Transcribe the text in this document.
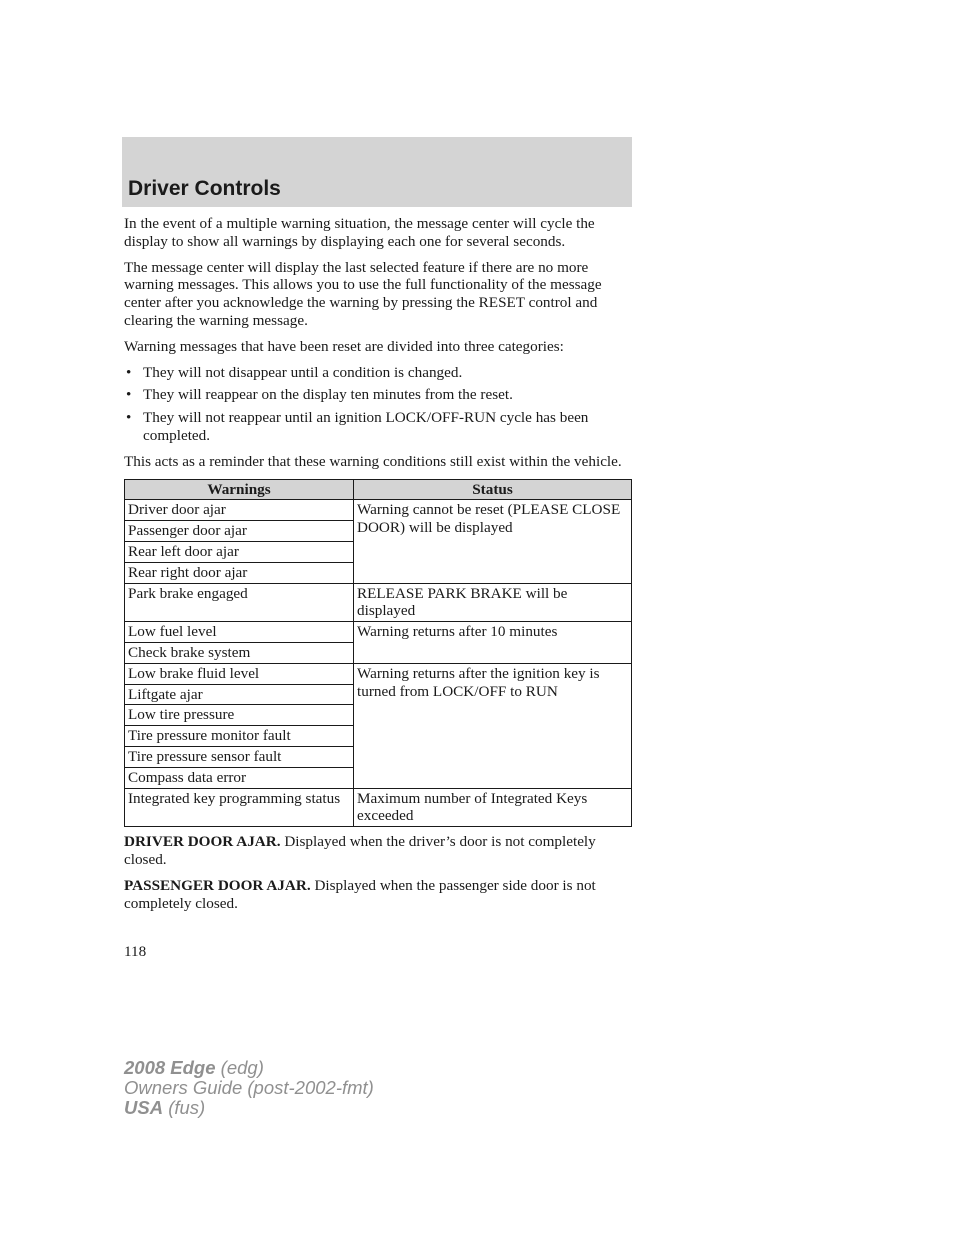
Driver Controls

In the event of a multiple warning situation, the message center will cycle the display to show all warnings by displaying each one for several seconds.

The message center will display the last selected feature if there are no more warning messages. This allows you to use the full functionality of the message center after you acknowledge the warning by pressing the RESET control and clearing the warning message.

Warning messages that have been reset are divided into three categories:

• They will not disappear until a condition is changed.
• They will reappear on the display ten minutes from the reset.
• They will not reappear until an ignition LOCK/OFF-RUN cycle has been completed.

This acts as a reminder that these warning conditions still exist within the vehicle.

Warnings	Status
Driver door ajar	Warning cannot be reset (PLEASE CLOSE DOOR) will be displayed
Passenger door ajar	
Rear left door ajar	
Rear right door ajar	
Park brake engaged	RELEASE PARK BRAKE will be displayed
Low fuel level	Warning returns after 10 minutes
Check brake system	
Low brake fluid level	Warning returns after the ignition key is turned from LOCK/OFF to RUN
Liftgate ajar	
Low tire pressure	
Tire pressure monitor fault	
Tire pressure sensor fault	
Compass data error	
Integrated key programming status	Maximum number of Integrated Keys exceeded

DRIVER DOOR AJAR. Displayed when the driver’s door is not completely closed.

PASSENGER DOOR AJAR. Displayed when the passenger side door is not completely closed.

118
2008 Edge (edg)
Owners Guide (post-2002-fmt)
USA (fus)
